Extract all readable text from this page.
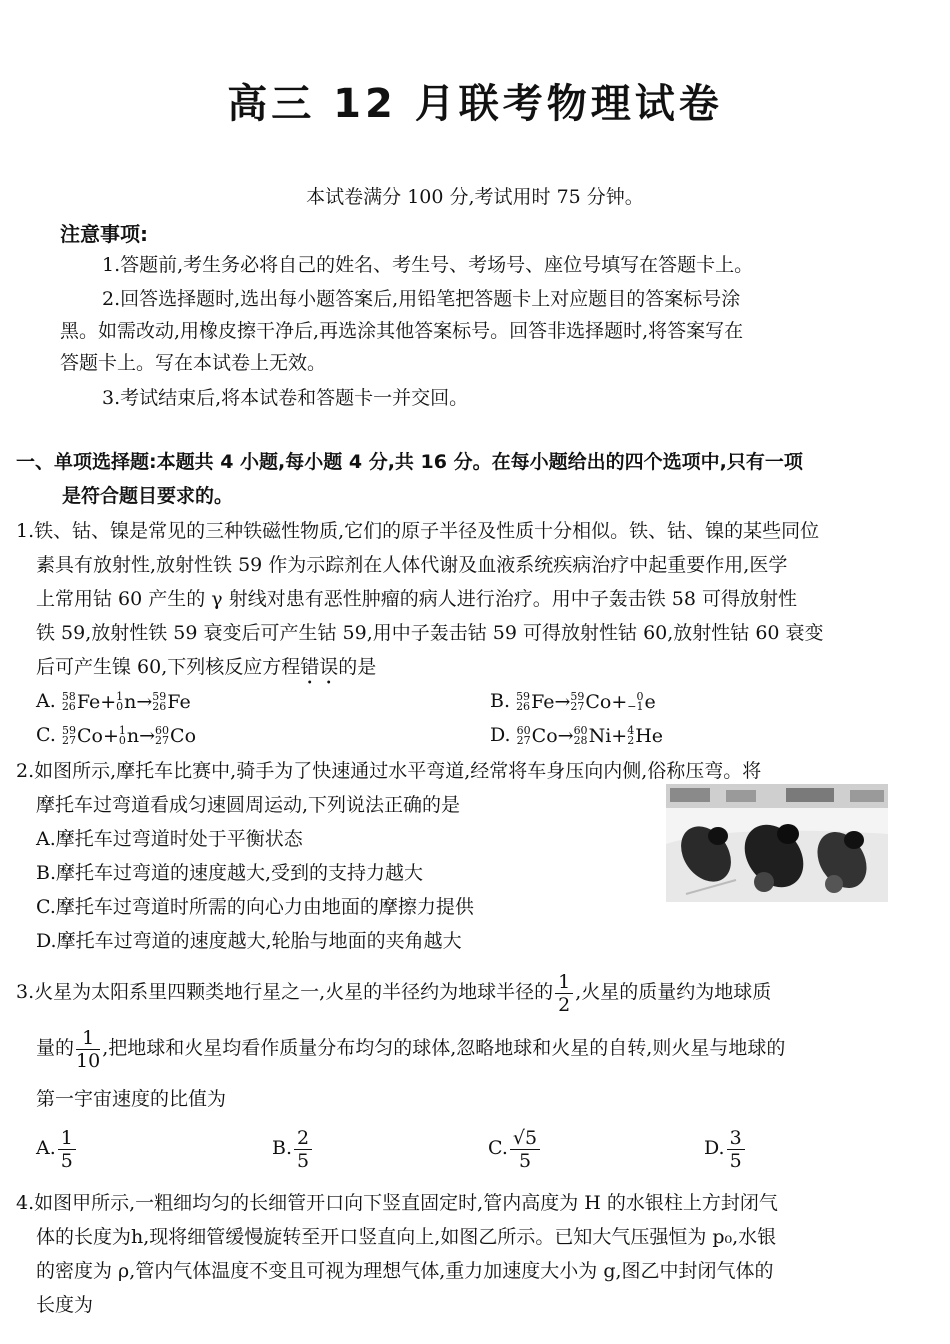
高三 12 月联考物理试卷
本试卷满分 100 分,考试用时 75 分钟。
注意事项:
1.答题前,考生务必将自己的姓名、考生号、考场号、座位号填写在答题卡上。
2.回答选择题时,选出每小题答案后,用铅笔把答题卡上对应题目的答案标号涂
黑。如需改动,用橡皮擦干净后,再选涂其他答案标号。回答非选择题时,将答案写在
答题卡上。写在本试卷上无效。
3.考试结束后,将本试卷和答题卡一并交回。
一、单项选择题:本题共 4 小题,每小题 4 分,共 16 分。在每小题给出的四个选项中,只有一项
是符合题目要求的。
1.铁、钴、镍是常见的三种铁磁性物质,它们的原子半径及性质十分相似。铁、钴、镍的某些同位
素具有放射性,放射性铁 59 作为示踪剂在人体代谢及血液系统疾病治疗中起重要作用,医学
上常用钴 60 产生的 γ 射线对患有恶性肿瘤的病人进行治疗。用中子轰击铁 58 可得放射性
铁 59,放射性铁 59 衰变后可产生钴 59,用中子轰击钴 59 可得放射性钴 60,放射性钴 60 衰变
后可产生镍 60,下列核反应方程错误的是
A. 58
26 Fe+ 1
0 n→ 59
26 Fe	B. 59
26 Fe→ 59
27 Co+ 0
−1 e
C. 59
27 Co+ 1
0 n→ 60
27 Co	D. 60
27 Co→ 60
28 Ni+ 4
2 He
2.如图所示,摩托车比赛中,骑手为了快速通过水平弯道,经常将车身压向内侧,俗称压弯。将
摩托车过弯道看成匀速圆周运动,下列说法正确的是
A.摩托车过弯道时处于平衡状态
B.摩托车过弯道的速度越大,受到的支持力越大
C.摩托车过弯道时所需的向心力由地面的摩擦力提供
D.摩托车过弯道的速度越大,轮胎与地面的夹角越大
3.火星为太阳系里四颗类地行星之一,火星的半径约为地球半径的 $\frac{1}{2}$ ,火星的质量约为地球质
量的 $\frac{1}{10}$ ,把地球和火星均看作质量分布均匀的球体,忽略地球和火星的自转,则火星与地球的
第一宇宙速度的比值为
A. $\frac{1}{5}$	B. $\frac{2}{5}$	C. $\frac{√5}{5}$	D. $\frac{3}{5}$
4.如图甲所示,一粗细均匀的长细管开口向下竖直固定时,管内高度为 H 的水银柱上方封闭气
体的长度为h,现将细管缓慢旋转至开口竖直向上,如图乙所示。已知大气压强恒为 p₀,水银
的密度为 ρ,管内气体温度不变且可视为理想气体,重力加速度大小为 g,图乙中封闭气体的
长度为
